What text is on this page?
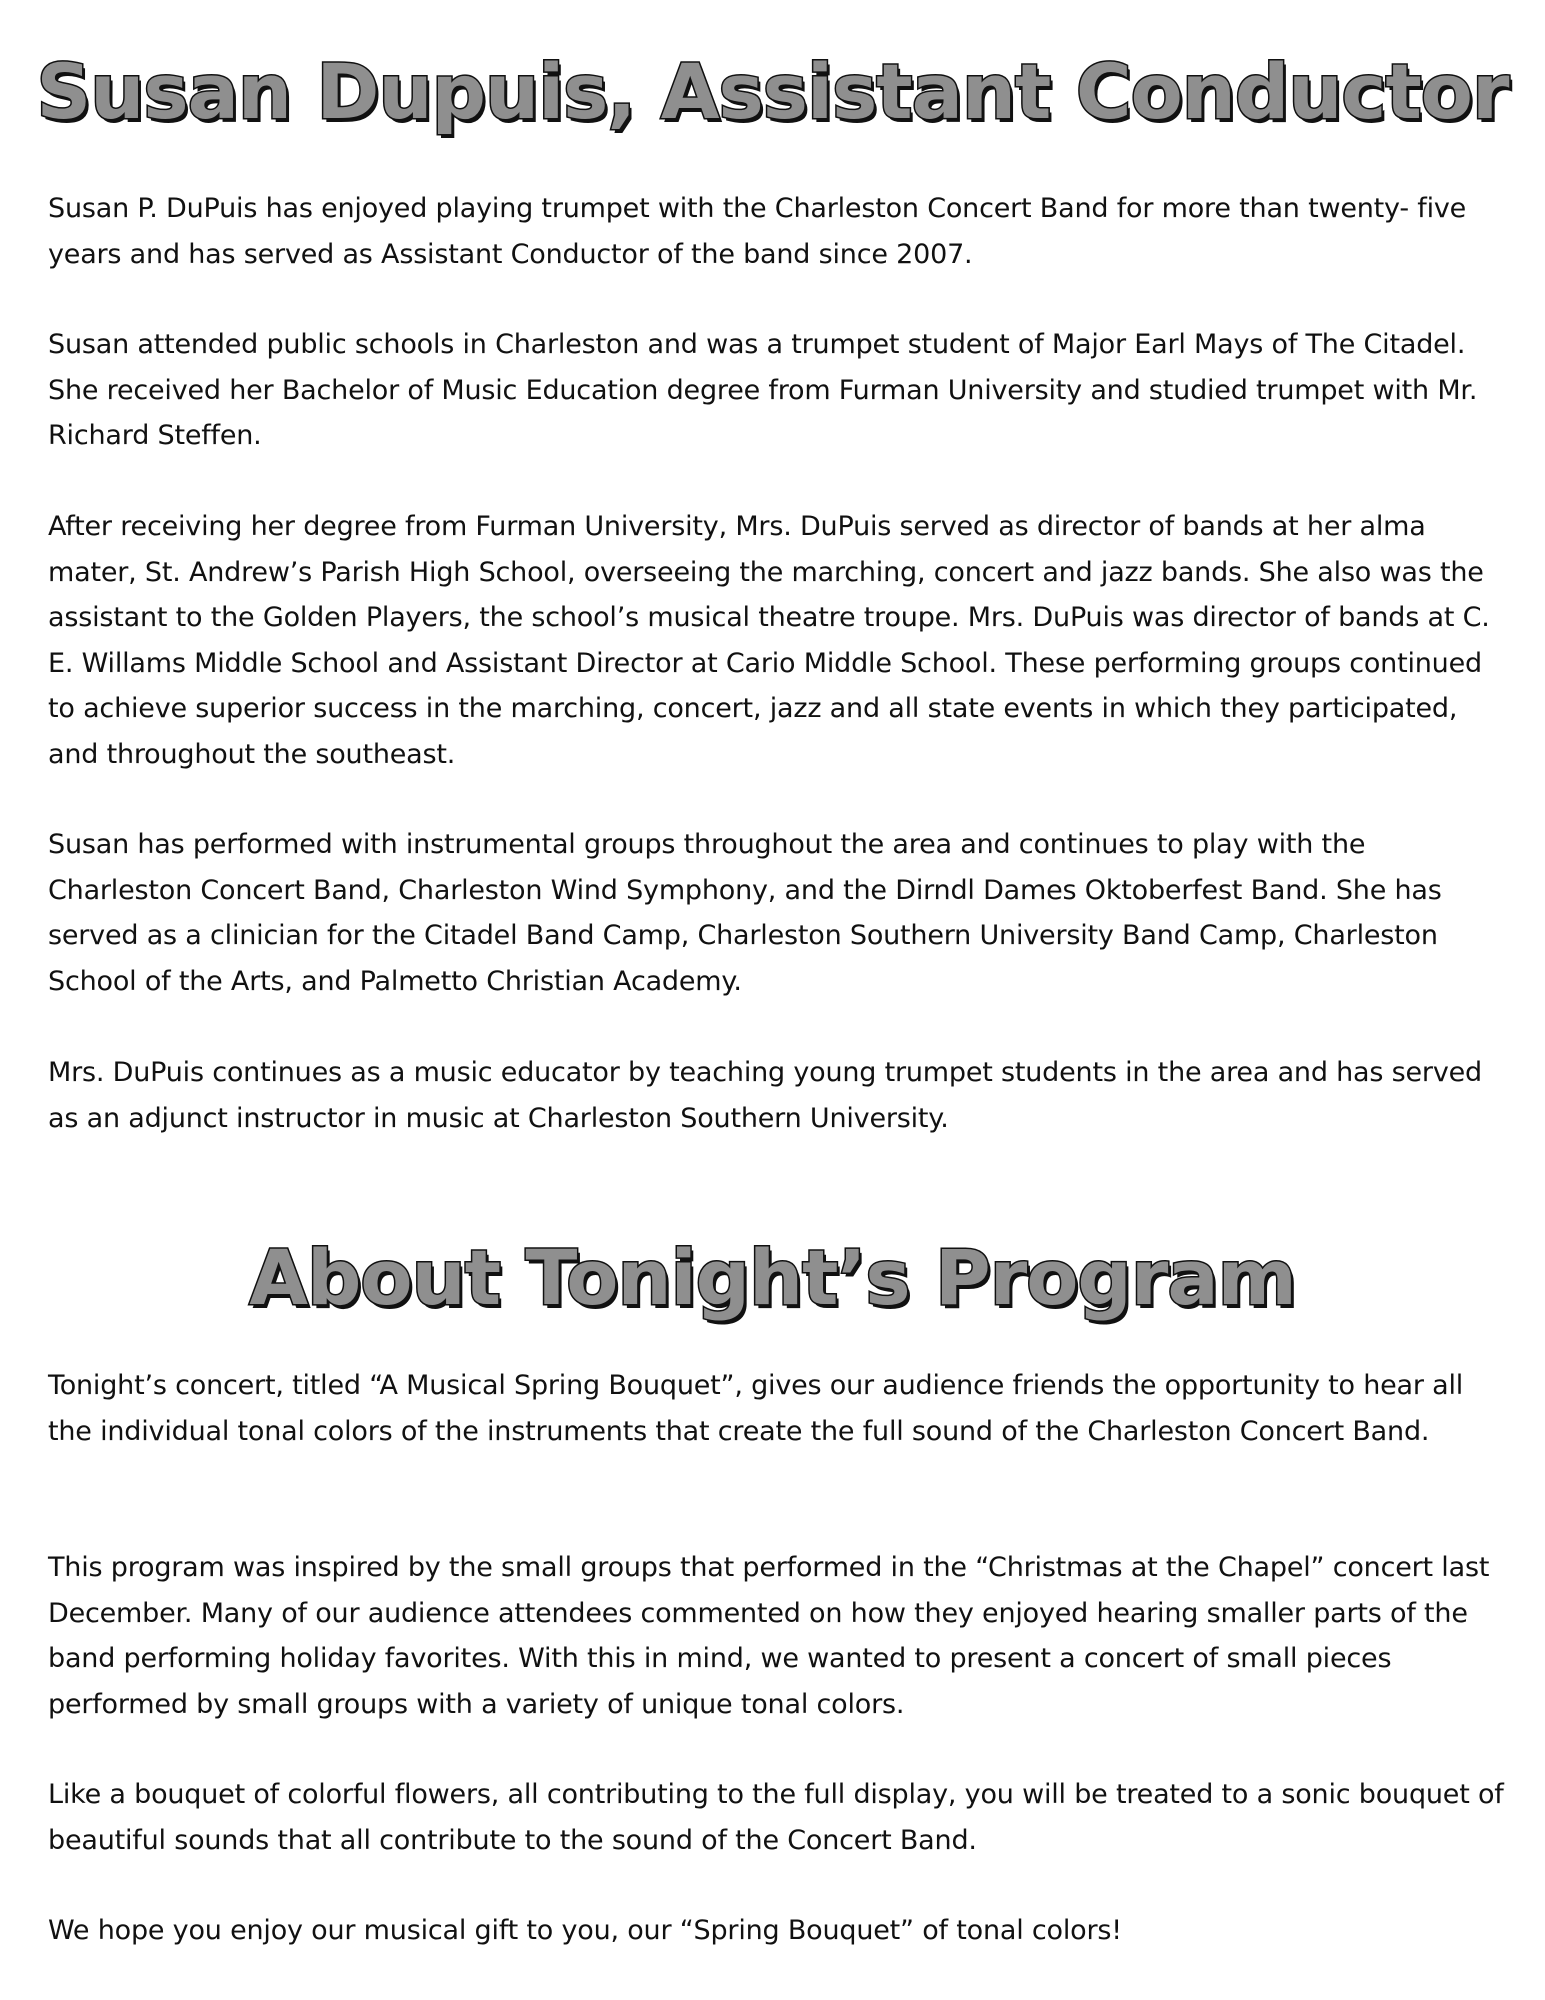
Susan Dupuis, Assistant Conductor

Susan P. DuPuis has enjoyed playing trumpet with the Charleston Concert Band for more than twenty- five years and has served as Assistant Conductor of the band since 2007.

Susan attended public schools in Charleston and was a trumpet student of Major Earl Mays of The Citadel. She received her Bachelor of Music Education degree from Furman University and studied trumpet with Mr. Richard Steffen.

After receiving her degree from Furman University, Mrs. DuPuis served as director of bands at her alma mater, St. Andrew’s Parish High School, overseeing the marching, concert and jazz bands. She also was the assistant to the Golden Players, the school’s musical theatre troupe. Mrs. DuPuis was director of bands at C. E. Willams Middle School and Assistant Director at Cario Middle School. These performing groups continued to achieve superior success in the marching, concert, jazz and all state events in which they participated, and throughout the southeast.

Susan has performed with instrumental groups throughout the area and continues to play with the Charleston Concert Band, Charleston Wind Symphony, and the Dirndl Dames Oktoberfest Band. She has served as a clinician for the Citadel Band Camp, Charleston Southern University Band Camp, Charleston School of the Arts, and Palmetto Christian Academy.

Mrs. DuPuis continues as a music educator by teaching young trumpet students in the area and has served as an adjunct instructor in music at Charleston Southern University.

About Tonight’s Program

Tonight’s concert, titled “A Musical Spring Bouquet”, gives our audience friends the opportunity to hear all the individual tonal colors of the instruments that create the full sound of the Charleston Concert Band.

This program was inspired by the small groups that performed in the “Christmas at the Chapel” concert last December. Many of our audience attendees commented on how they enjoyed hearing smaller parts of the band performing holiday favorites. With this in mind, we wanted to present a concert of small pieces performed by small groups with a variety of unique tonal colors.

Like a bouquet of colorful flowers, all contributing to the full display, you will be treated to a sonic bouquet of beautiful sounds that all contribute to the sound of the Concert Band.

We hope you enjoy our musical gift to you, our “Spring Bouquet” of tonal colors!
